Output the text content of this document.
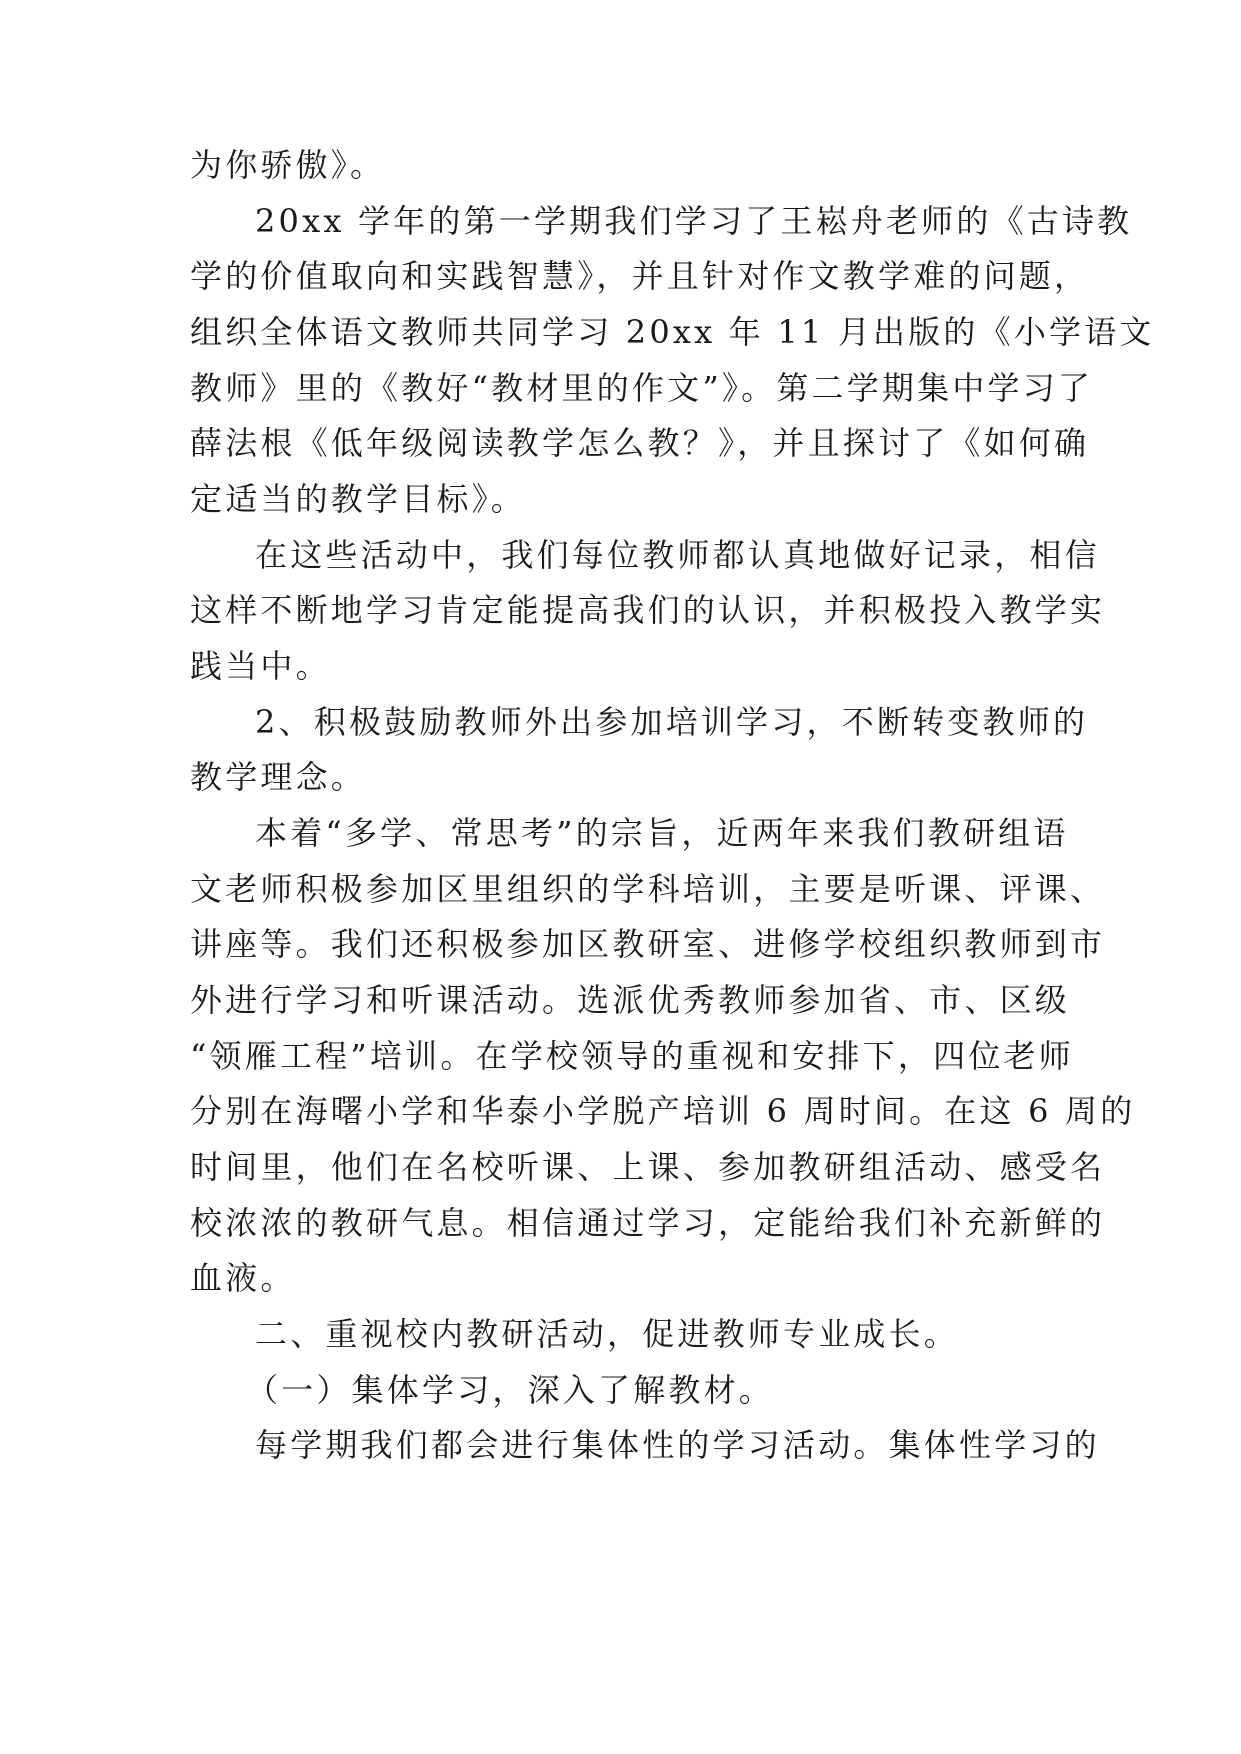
为你骄傲》。
20xx 学年的第一学期我们学习了王崧舟老师的《古诗教
学的价值取向和实践智慧》，并且针对作文教学难的问题，
组织全体语文教师共同学习 20xx 年 11 月出版的《小学语文
教师》里的《教好“教材里的作文”》。第二学期集中学习了
薛法根《低年级阅读教学怎么教？》，并且探讨了《如何确
定适当的教学目标》。
在这些活动中，我们每位教师都认真地做好记录，相信
这样不断地学习肯定能提高我们的认识，并积极投入教学实
践当中。
2、积极鼓励教师外出参加培训学习，不断转变教师的
教学理念。
本着“多学、常思考”的宗旨，近两年来我们教研组语
文老师积极参加区里组织的学科培训，主要是听课、评课、
讲座等。我们还积极参加区教研室、进修学校组织教师到市
外进行学习和听课活动。选派优秀教师参加省、市、区级
“领雁工程”培训。在学校领导的重视和安排下，四位老师
分别在海曙小学和华泰小学脱产培训 6 周时间。在这 6 周的
时间里，他们在名校听课、上课、参加教研组活动、感受名
校浓浓的教研气息。相信通过学习，定能给我们补充新鲜的
血液。
二、重视校内教研活动，促进教师专业成长。
（一）集体学习，深入了解教材。
每学期我们都会进行集体性的学习活动。集体性学习的
